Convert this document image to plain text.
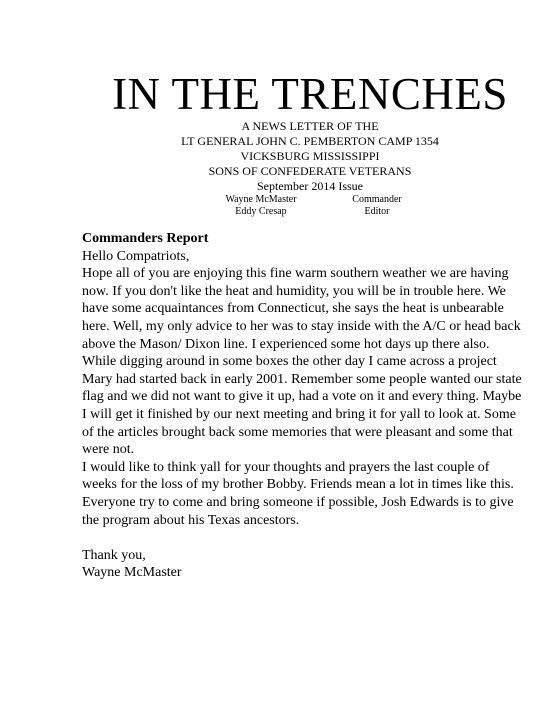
IN THE TRENCHES

A NEWS LETTER OF THE

LT GENERAL JOHN C. PEMBERTON CAMP 1354

VICKSBURG MISSISSIPPI

SONS OF CONFEDERATE VETERANS

September 2014 Issue

Wayne McMaster
Eddy Cresap
Commander
Editor

Commanders Report

Hello Compatriots,

Hope all of you are enjoying this fine warm southern weather we are having now. If you don't like the heat and humidity, you will be in trouble here. We have some acquaintances from Connecticut, she says the heat is unbearable here. Well, my only advice to her was to stay inside with the A/C or head back above the Mason/ Dixon line. I experienced some hot days up there also.

While digging around in some boxes the other day I came across a project Mary had started back in early 2001. Remember some people wanted our state flag and we did not want to give it up, had a vote on it and every thing. Maybe I will get it finished by our next meeting and bring it for yall to look at. Some of the articles brought back some memories that were pleasant and some that were not.

I would like to think yall for your thoughts and prayers the last couple of weeks for the loss of my brother Bobby. Friends mean a lot in times like this.

Everyone try to come and bring someone if possible, Josh Edwards is to give the program about his Texas ancestors.

Thank you,

Wayne McMaster
